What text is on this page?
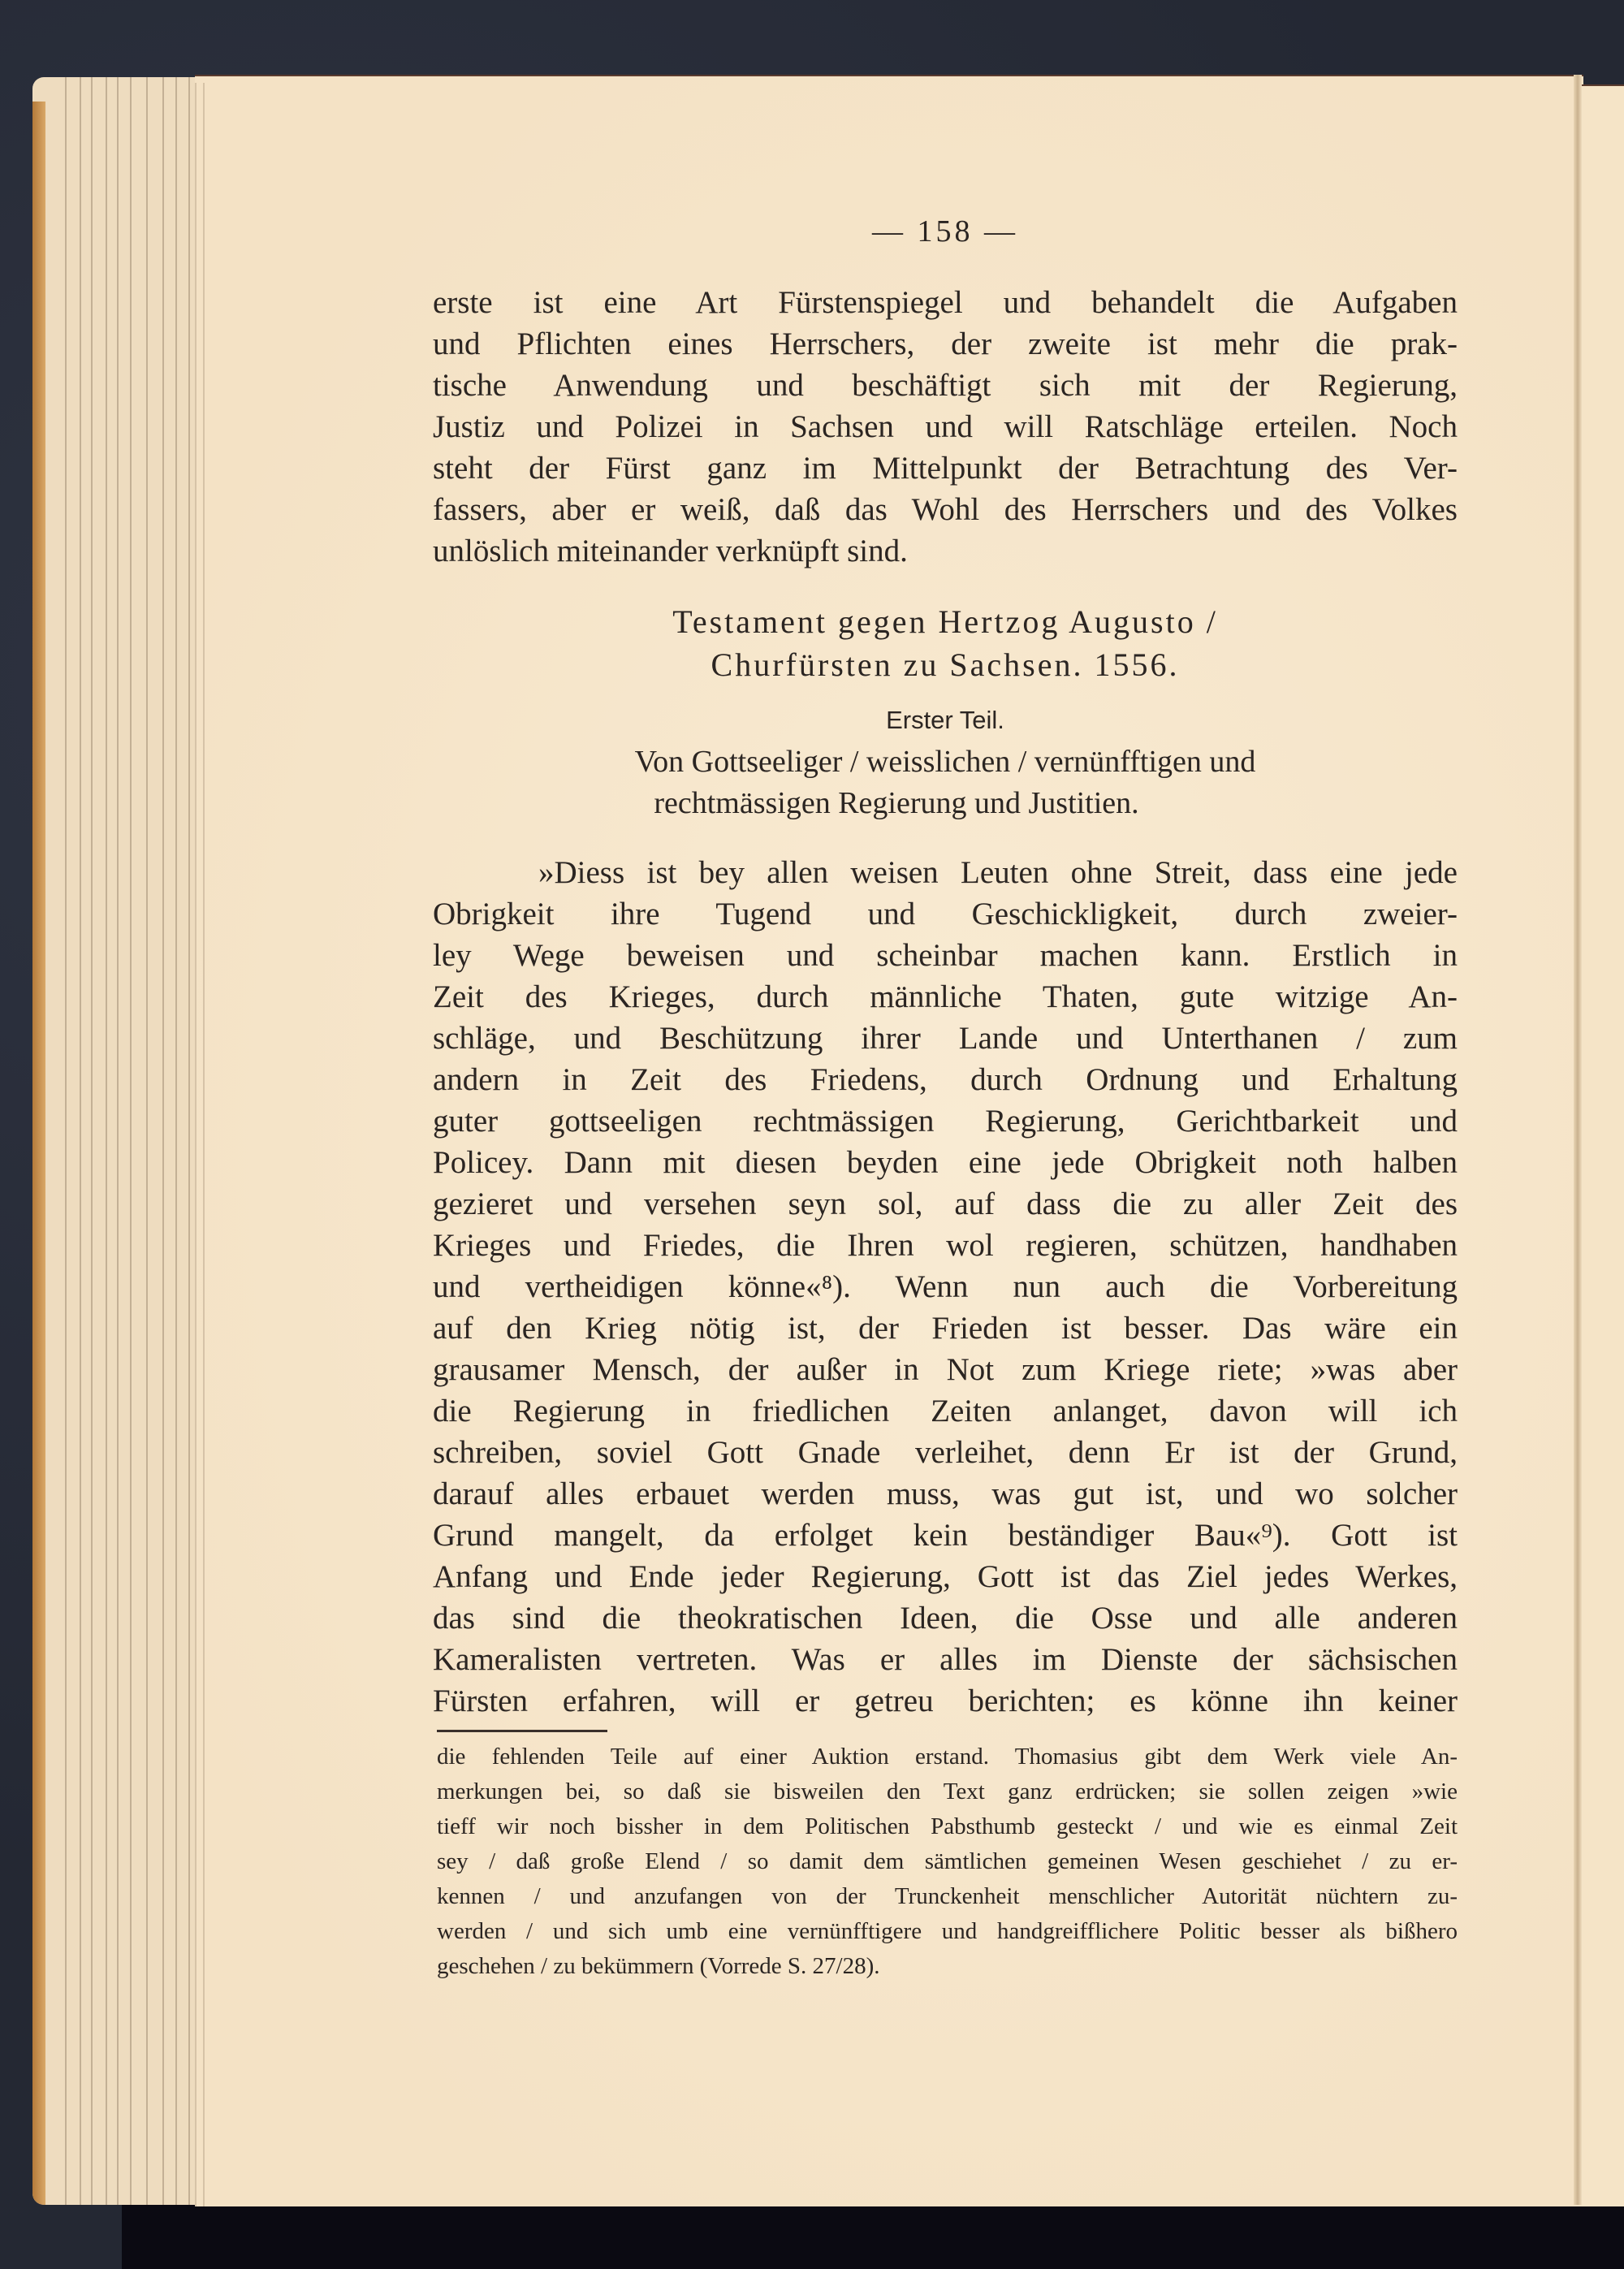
— 158 —
erste ist eine Art Fürstenspiegel und behandelt die Aufgaben
und Pflichten eines Herrschers, der zweite ist mehr die prak-
tische Anwendung und beschäftigt sich mit der Regierung,
Justiz und Polizei in Sachsen und will Ratschläge erteilen. Noch
steht der Fürst ganz im Mittelpunkt der Betrachtung des Ver-
fassers, aber er weiß, daß das Wohl des Herrschers und des Volkes
unlöslich miteinander verknüpft sind.
Testament gegen Hertzog Augusto /
Churfürsten zu Sachsen. 1556.
Erster Teil.
Von Gottseeliger / weisslichen / vernünfftigen und
rechtmässigen Regierung und Justitien.
»Diess ist bey allen weisen Leuten ohne Streit, dass eine jede
Obrigkeit ihre Tugend und Geschickligkeit, durch zweier-
ley Wege beweisen und scheinbar machen kann. Erstlich in
Zeit des Krieges, durch männliche Thaten, gute witzige An-
schläge, und Beschützung ihrer Lande und Unterthanen / zum
andern in Zeit des Friedens, durch Ordnung und Erhaltung
guter gottseeligen rechtmässigen Regierung, Gerichtbarkeit und
Policey. Dann mit diesen beyden eine jede Obrigkeit noth halben
gezieret und versehen seyn sol, auf dass die zu aller Zeit des
Krieges und Friedes, die Ihren wol regieren, schützen, handhaben
und vertheidigen könne«⁸). Wenn nun auch die Vorbereitung
auf den Krieg nötig ist, der Frieden ist besser. Das wäre ein
grausamer Mensch, der außer in Not zum Kriege riete; »was aber
die Regierung in friedlichen Zeiten anlanget, davon will ich
schreiben, soviel Gott Gnade verleihet, denn Er ist der Grund,
darauf alles erbauet werden muss, was gut ist, und wo solcher
Grund mangelt, da erfolget kein beständiger Bau«⁹). Gott ist
Anfang und Ende jeder Regierung, Gott ist das Ziel jedes Werkes,
das sind die theokratischen Ideen, die Osse und alle anderen
Kameralisten vertreten. Was er alles im Dienste der sächsischen
Fürsten erfahren, will er getreu berichten; es könne ihn keiner
die fehlenden Teile auf einer Auktion erstand. Thomasius gibt dem Werk viele An-
merkungen bei, so daß sie bisweilen den Text ganz erdrücken; sie sollen zeigen »wie
tieff wir noch bissher in dem Politischen Pabsthumb gesteckt / und wie es einmal Zeit
sey / daß große Elend / so damit dem sämtlichen gemeinen Wesen geschiehet / zu er-
kennen / und anzufangen von der Trunckenheit menschlicher Autorität nüchtern zu-
werden / und sich umb eine vernünfftigere und handgreifflichere Politic besser als bißhero
geschehen / zu bekümmern (Vorrede S. 27/28).
